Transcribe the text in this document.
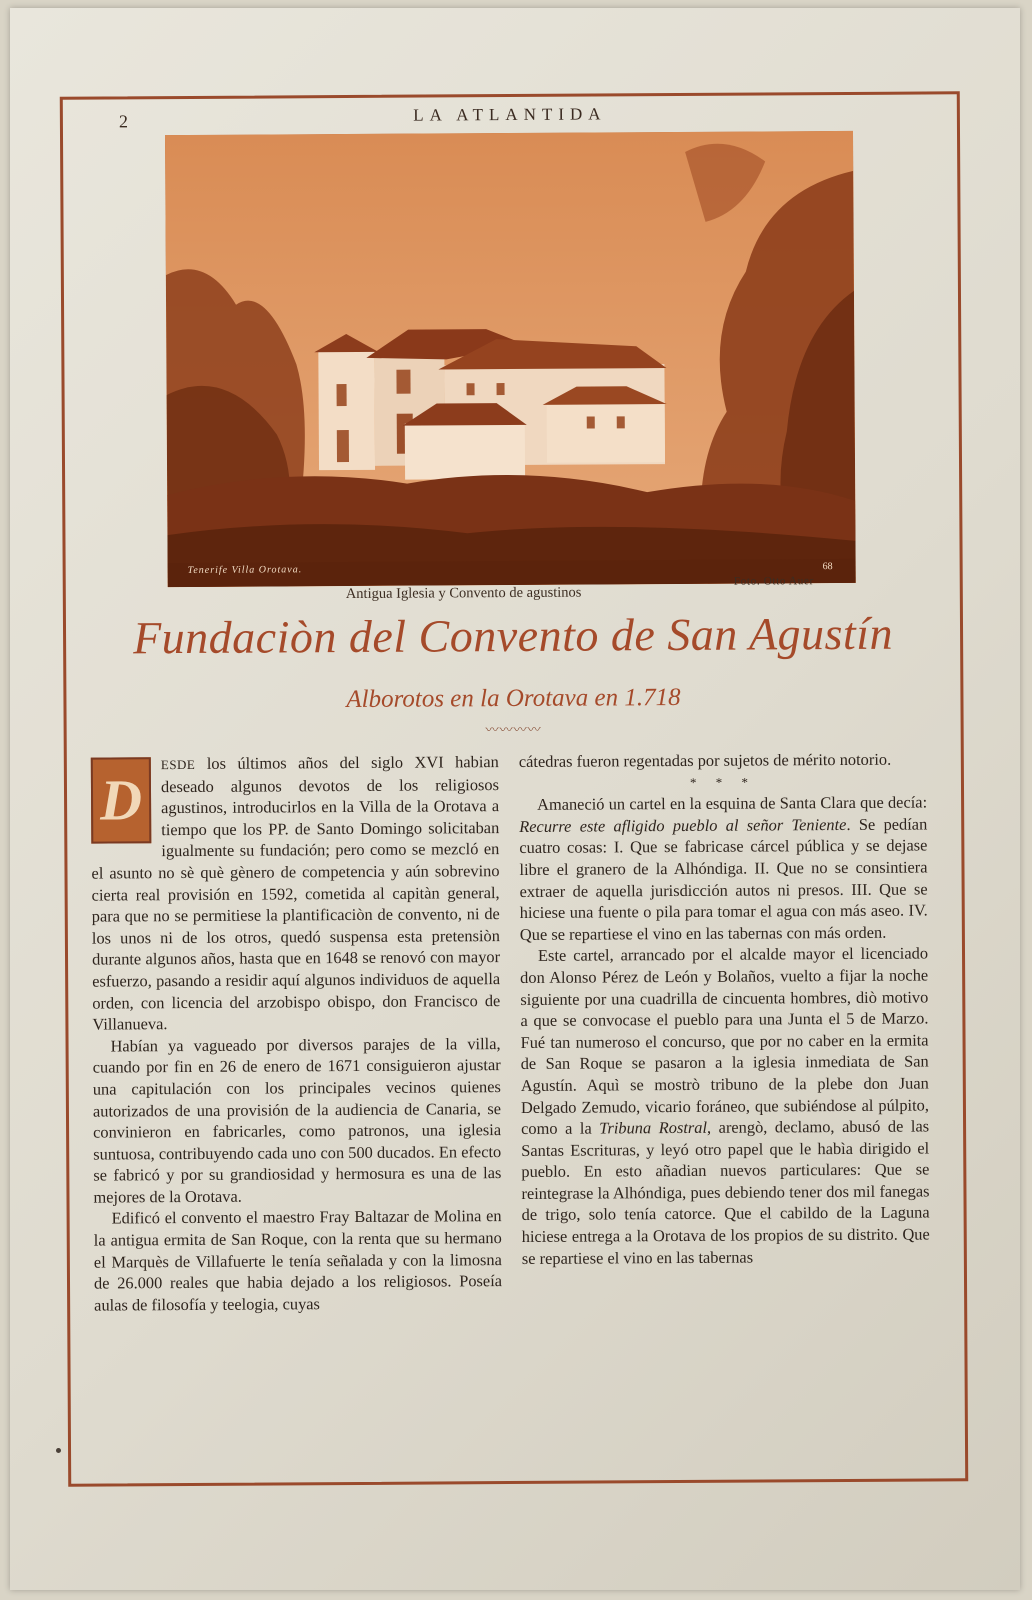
2	LA ATLANTIDA
Tenerife Villa Orotava.	68
Antigua Iglesia y Convento de agustinos
Foto. Otto Auer
Fundaciòn del Convento de San Agustín
Alborotos en la Orotava en 1.718
〰〰〰〰

D
ESDE los últimos años del siglo XVI habian deseado algunos devotos de los religiosos agustinos, introducirlos en la Villa de la Orotava a tiempo que los PP. de Santo Domingo solicitaban igualmente su fundación; pero como se mezcló en el asunto no sè què gènero de competencia y aún sobrevino cierta real provisión en 1592, cometida al capitàn general, para que no se permitiese la plantificaciòn de convento, ni de los unos ni de los otros, quedó suspensa esta pretensiòn durante algunos años, hasta que en 1648 se renovó con mayor esfuerzo, pasando a residir aquí algunos individuos de aquella orden, con licencia del arzobispo obispo, don Francisco de Villanueva.

Habían ya vagueado por diversos parajes de la villa, cuando por fin en 26 de enero de 1671 consiguieron ajustar una capitulación con los principales vecinos quienes autorizados de una provisión de la audiencia de Canaria, se convinieron en fabricarles, como patronos, una iglesia suntuosa, contribuyendo cada uno con 500 ducados. En efecto se fabricó y por su grandiosidad y hermosura es una de las mejores de la Orotava.

Edificó el convento el maestro Fray Baltazar de Molina en la antigua ermita de San Roque, con la renta que su hermano el Marquès de Villafuerte le tenía señalada y con la limosna de 26.000 reales que habia dejado a los religiosos. Poseía aulas de filosofía y teelogia, cuyas

cátedras fueron regentadas por sujetos de mérito notorio.

* * *

Amaneció un cartel en la esquina de Santa Clara que decía: Recurre este afligido pueblo al señor Teniente. Se pedían cuatro cosas: I. Que se fabricase cárcel pública y se dejase libre el granero de la Alhóndiga. II. Que no se consintiera extraer de aquella jurisdicción autos ni presos. III. Que se hiciese una fuente o pila para tomar el agua con más aseo. IV. Que se repartiese el vino en las tabernas con más orden.

Este cartel, arrancado por el alcalde mayor el licenciado don Alonso Pérez de León y Bolaños, vuelto a fijar la noche siguiente por una cuadrilla de cincuenta hombres, diò motivo a que se convocase el pueblo para una Junta el 5 de Marzo. Fué tan numeroso el concurso, que por no caber en la ermita de San Roque se pasaron a la iglesia inmediata de San Agustín. Aquì se mostrò tribuno de la plebe don Juan Delgado Zemudo, vicario foráneo, que subiéndose al púlpito, como a la Tribuna Rostral, arengò, declamo, abusó de las Santas Escrituras, y leyó otro papel que le habìa dirigido el pueblo. En esto añadian nuevos particulares: Que se reintegrase la Alhóndiga, pues debiendo tener dos mil fanegas de trigo, solo tenía catorce. Que el cabildo de la Laguna hiciese entrega a la Orotava de los propios de su distrito. Que se repartiese el vino en las tabernas
